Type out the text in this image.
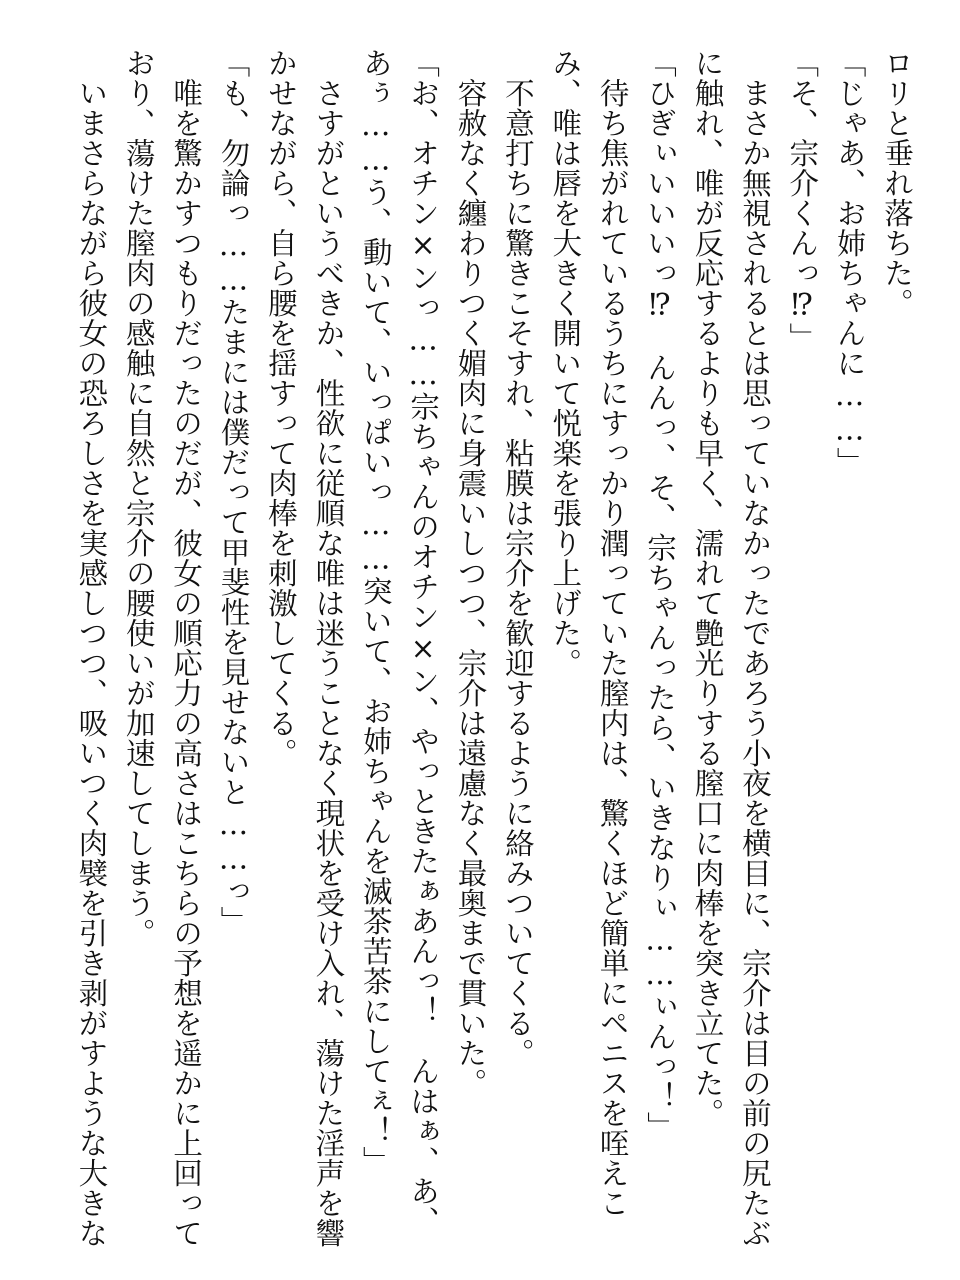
ロリと垂れ落ちた。
「じゃあ、お姉ちゃんに……」
「そ、宗介くんっ⁉」
　まさか無視されるとは思っていなかったであろう小夜を横目に、宗介は目の前の尻たぶ
に触れ、唯が反応するよりも早く、濡れて艶光りする膣口に肉棒を突き立てた。
「ひぎぃいいいっ⁉　んんっ、そ、宗ちゃんったら、いきなりぃ……ぃんっ！」
　待ち焦がれているうちにすっかり潤っていた膣内は、驚くほど簡単にペニスを咥えこ
み、唯は唇を大きく開いて悦楽を張り上げた。
　不意打ちに驚きこそすれ、粘膜は宗介を歓迎するように絡みついてくる。
　容赦なく纏わりつく媚肉に身震いしつつ、宗介は遠慮なく最奥まで貫いた。
「お、オチン×ンっ……宗ちゃんのオチン×ン、やっときたぁあんっ！　んはぁ、あ、
あぅ……う、動いて、いっぱいっ……突いて、お姉ちゃんを滅茶苦茶にしてぇ！」
　さすがというべきか、性欲に従順な唯は迷うことなく現状を受け入れ、蕩けた淫声を響
かせながら、自ら腰を揺すって肉棒を刺激してくる。
「も、勿論っ……たまには僕だって甲斐性を見せないと……っ」
　唯を驚かすつもりだったのだが、彼女の順応力の高さはこちらの予想を遥かに上回って
おり、蕩けた膣肉の感触に自然と宗介の腰使いが加速してしまう。
　いまさらながら彼女の恐ろしさを実感しつつ、吸いつく肉襞を引き剥がすような大きな
